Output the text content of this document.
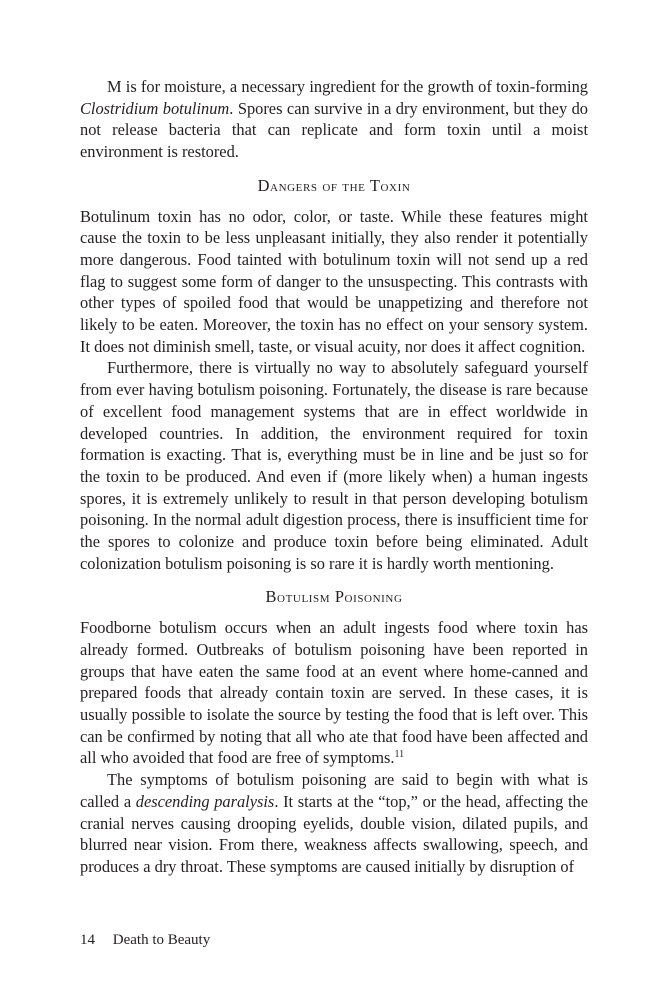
M is for moisture, a necessary ingredient for the growth of toxin-forming Clostridium botulinum. Spores can survive in a dry environment, but they do not release bacteria that can replicate and form toxin until a moist environment is restored.

Dangers of the Toxin

Botulinum toxin has no odor, color, or taste. While these features might cause the toxin to be less unpleasant initially, they also render it potentially more dangerous. Food tainted with botulinum toxin will not send up a red flag to suggest some form of danger to the unsuspecting. This contrasts with other types of spoiled food that would be unappetizing and therefore not likely to be eaten. Moreover, the toxin has no effect on your sensory system. It does not diminish smell, taste, or visual acuity, nor does it affect cognition.

Furthermore, there is virtually no way to absolutely safeguard yourself from ever having botulism poisoning. Fortunately, the disease is rare because of excellent food management systems that are in effect worldwide in developed countries. In addition, the environment required for toxin formation is exacting. That is, everything must be in line and be just so for the toxin to be produced. And even if (more likely when) a human ingests spores, it is extremely unlikely to result in that person developing botulism poisoning. In the normal adult digestion process, there is insufficient time for the spores to colonize and produce toxin before being eliminated. Adult colonization botulism poisoning is so rare it is hardly worth mentioning.

Botulism Poisoning

Foodborne botulism occurs when an adult ingests food where toxin has already formed. Outbreaks of botulism poisoning have been reported in groups that have eaten the same food at an event where home-canned and prepared foods that already contain toxin are served. In these cases, it is usually possible to isolate the source by testing the food that is left over. This can be confirmed by noting that all who ate that food have been affected and all who avoided that food are free of symptoms.$^{11}$

The symptoms of botulism poisoning are said to begin with what is called a descending paralysis. It starts at the “top,” or the head, affecting the cranial nerves causing drooping eyelids, double vision, dilated pupils, and blurred near vision. From there, weakness affects swallowing, speech, and produces a dry throat. These symptoms are caused initially by disruption of

14 Death to Beauty
